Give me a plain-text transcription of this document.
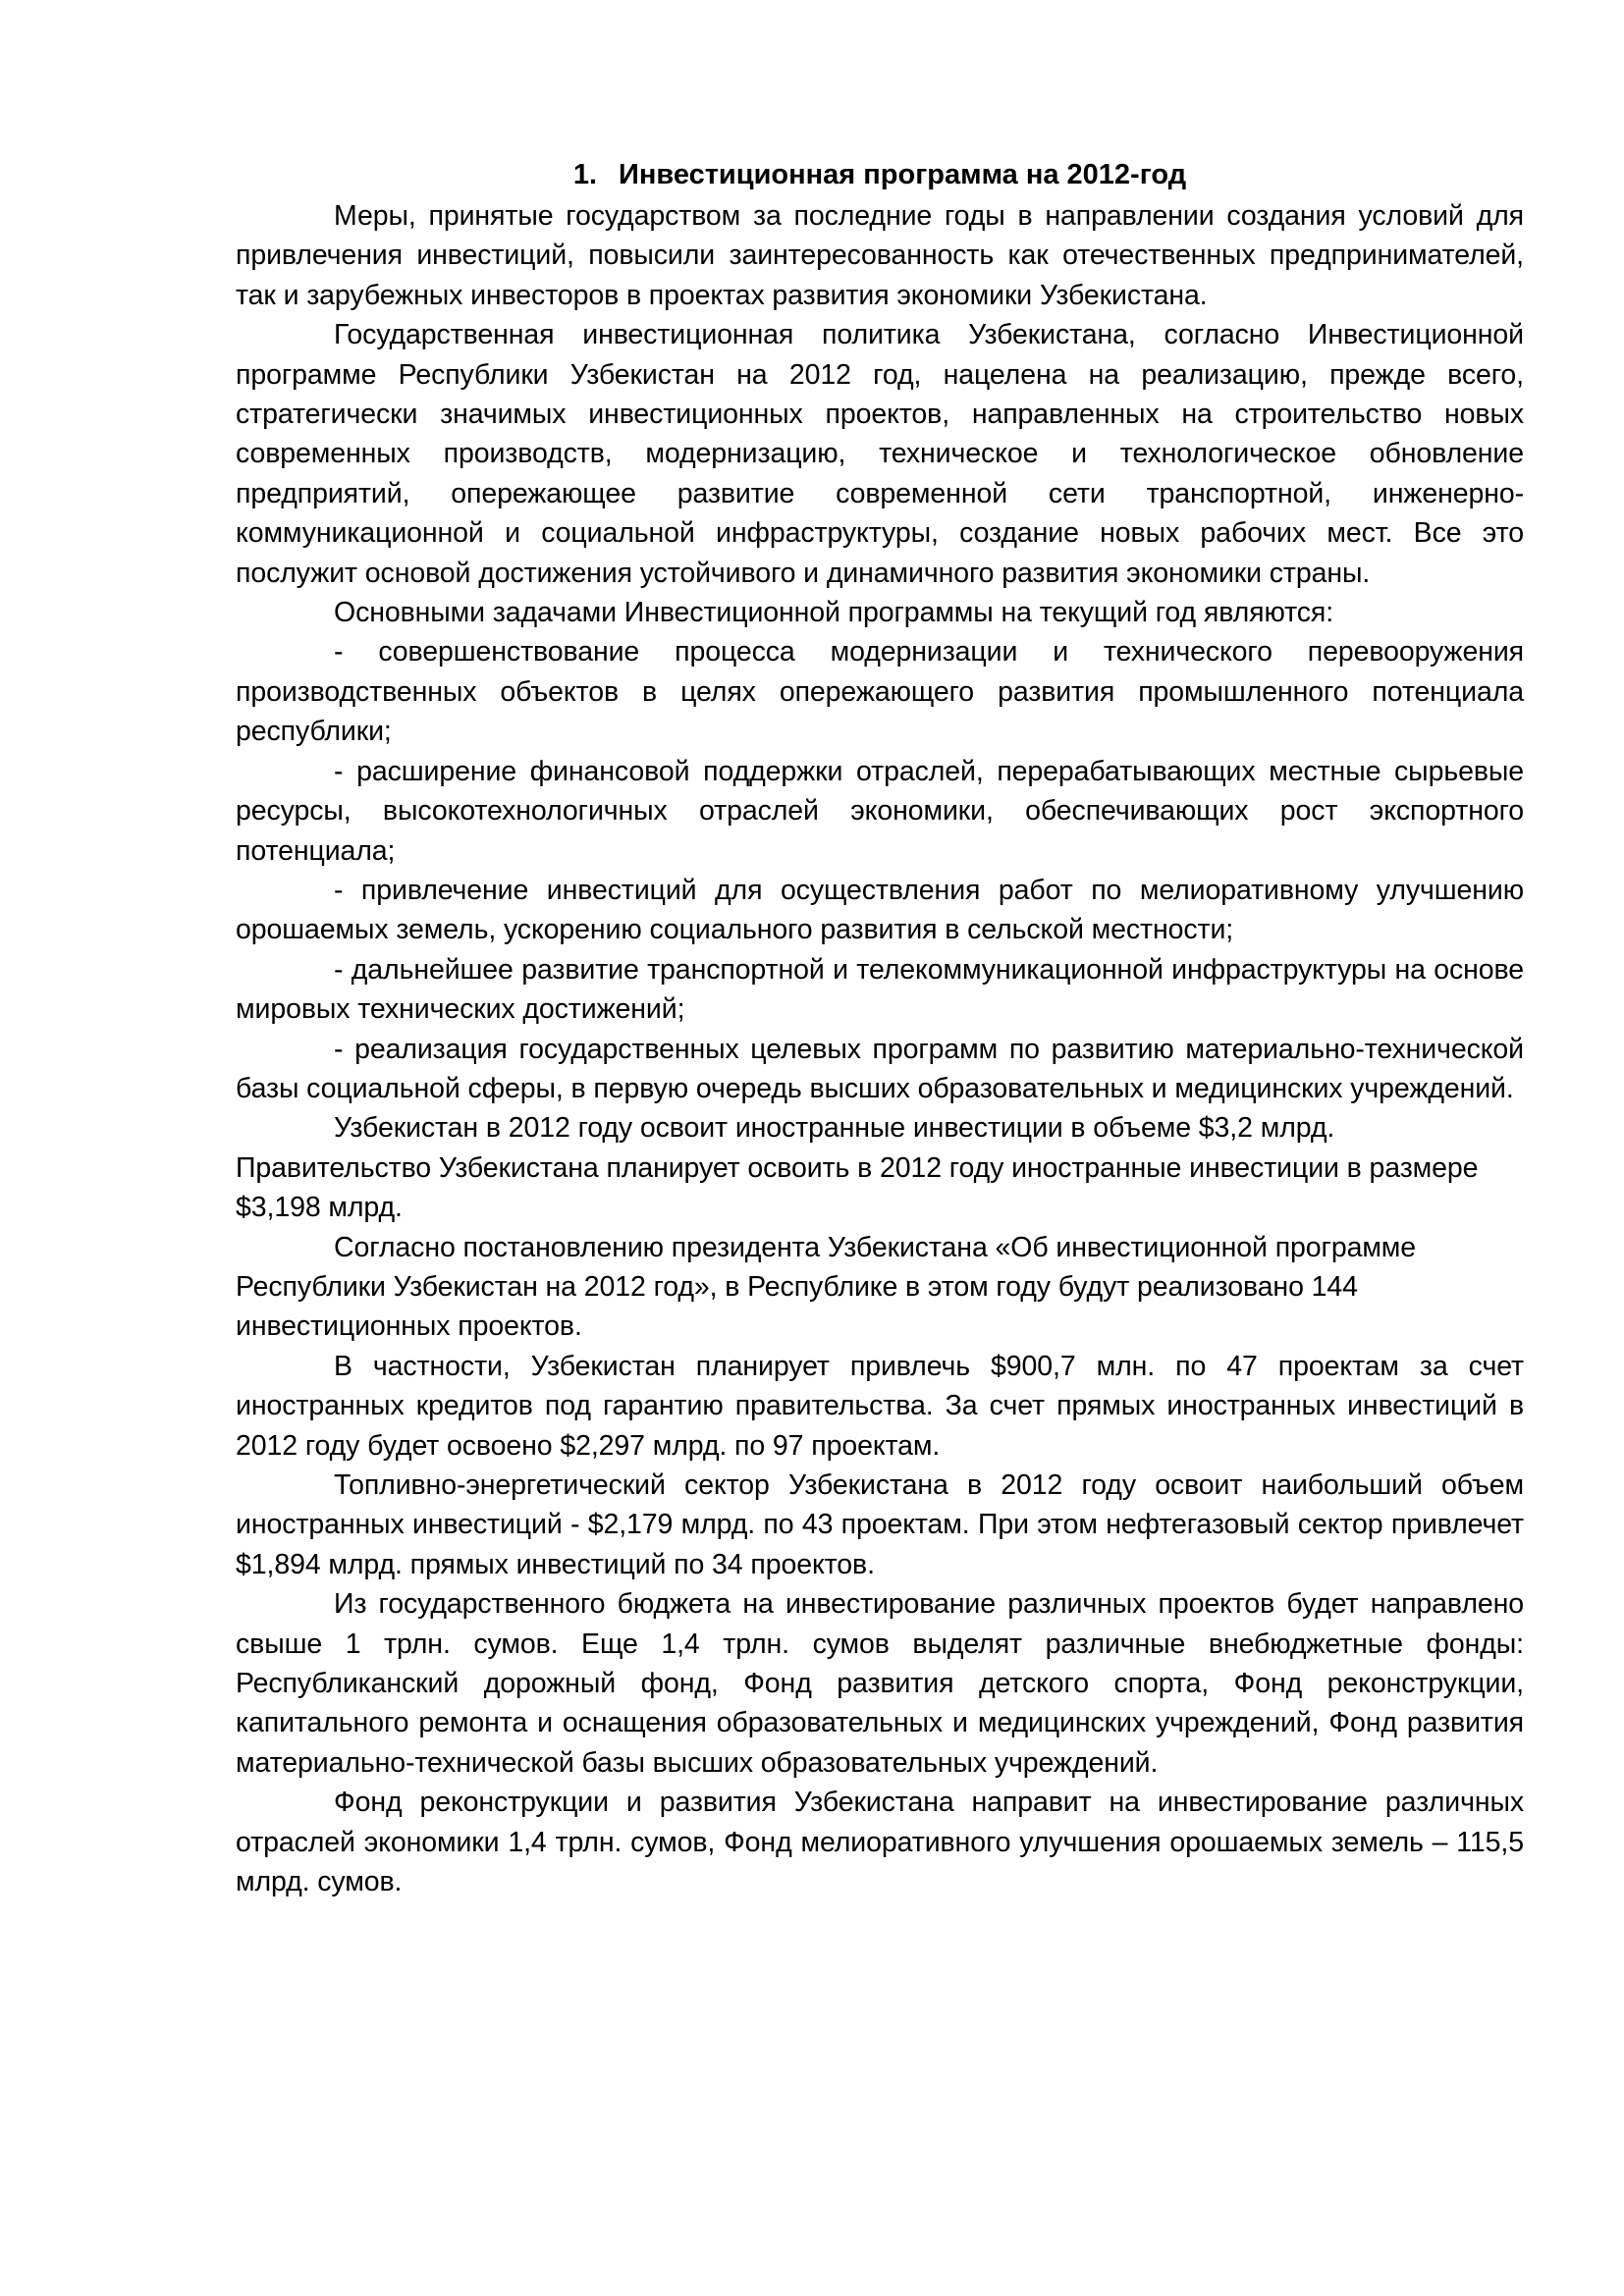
1. Инвестиционная программа на 2012-год

Меры, принятые государством за последние годы в направлении создания условий для привлечения инвестиций, повысили заинтересованность как отечественных предпринимателей, так и зарубежных инвесторов в проектах развития экономики Узбекистана.

Государственная инвестиционная политика Узбекистана, согласно Инвестиционной программе Республики Узбекистан на 2012 год, нацелена на реализацию, прежде всего, стратегически значимых инвестиционных проектов, направленных на строительство новых современных производств, модернизацию, техническое и технологическое обновление предприятий, опережающее развитие современной сети транспортной, инженерно-коммуникационной и социальной инфраструктуры, создание новых рабочих мест. Все это послужит основой достижения устойчивого и динамичного развития экономики страны.

Основными задачами Инвестиционной программы на текущий год являются:

- совершенствование процесса модернизации и технического перевооружения производственных объектов в целях опережающего развития промышленного потенциала республики;

- расширение финансовой поддержки отраслей, перерабатывающих местные сырьевые ресурсы, высокотехнологичных отраслей экономики, обеспечивающих рост экспортного потенциала;

- привлечение инвестиций для осуществления работ по мелиоративному улучшению орошаемых земель, ускорению социального развития в сельской местности;

- дальнейшее развитие транспортной и телекоммуникационной инфраструктуры на основе мировых технических достижений;

- реализация государственных целевых программ по развитию материально-технической базы социальной сферы, в первую очередь высших образовательных и медицинских учреждений.

Узбекистан в 2012 году освоит иностранные инвестиции в объеме $3,2 млрд. Правительство Узбекистана планирует освоить в 2012 году иностранные инвестиции в размере $3,198 млрд.

Согласно постановлению президента Узбекистана «Об инвестиционной программе Республики Узбекистан на 2012 год», в Республике в этом году будут реализовано 144 инвестиционных проектов.

В частности, Узбекистан планирует привлечь $900,7 млн. по 47 проектам за счет иностранных кредитов под гарантию правительства. За счет прямых иностранных инвестиций в 2012 году будет освоено $2,297 млрд. по 97 проектам.

Топливно-энергетический сектор Узбекистана в 2012 году освоит наибольший объем иностранных инвестиций - $2,179 млрд. по 43 проектам. При этом нефтегазовый сектор привлечет $1,894 млрд. прямых инвестиций по 34 проектов.

Из государственного бюджета на инвестирование различных проектов будет направлено свыше 1 трлн. сумов. Еще 1,4 трлн. сумов выделят различные внебюджетные фонды: Республиканский дорожный фонд, Фонд развития детского спорта, Фонд реконструкции, капитального ремонта и оснащения образовательных и медицинских учреждений, Фонд развития материально-технической базы высших образовательных учреждений.

Фонд реконструкции и развития Узбекистана направит на инвестирование различных отраслей экономики 1,4 трлн. сумов, Фонд мелиоративного улучшения орошаемых земель – 115,5 млрд. сумов.
